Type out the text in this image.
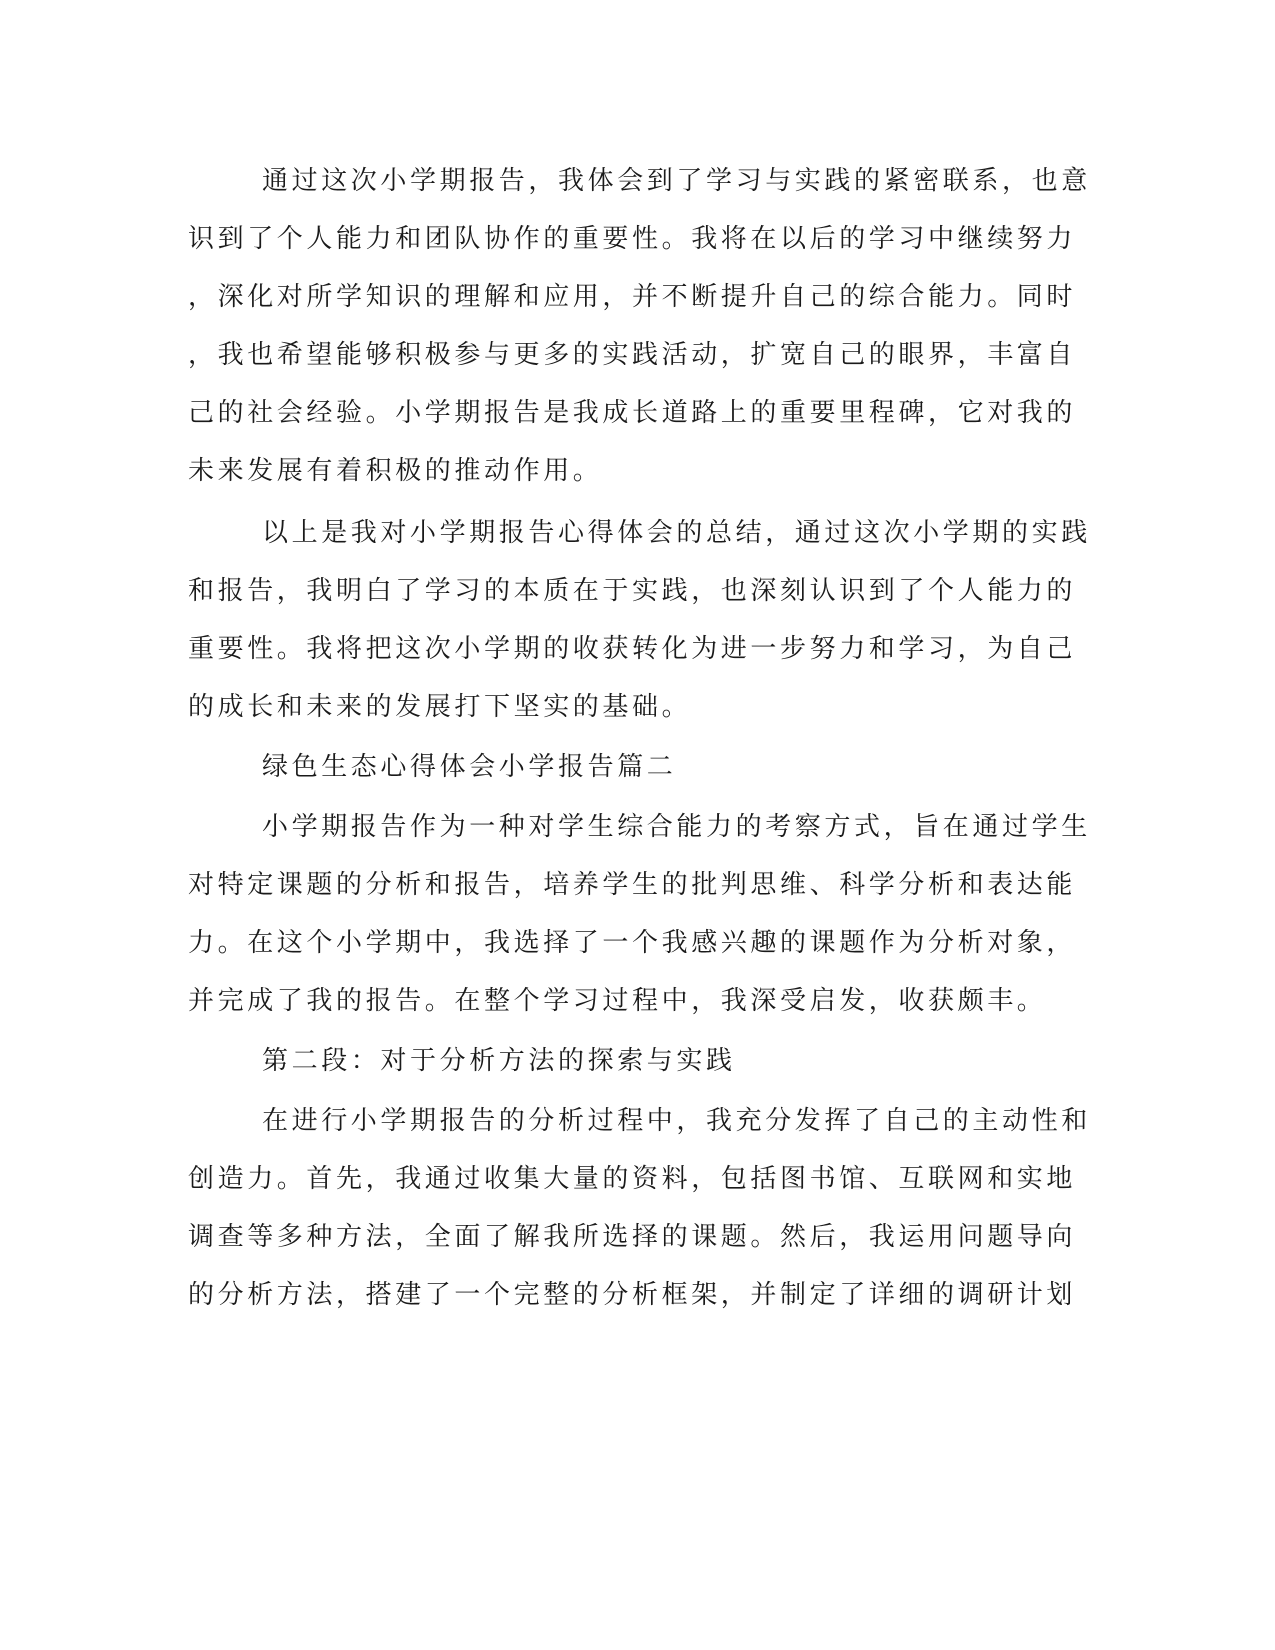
通过这次小学期报告，我体会到了学习与实践的紧密联系，也意
识到了个人能力和团队协作的重要性。我将在以后的学习中继续努力
，深化对所学知识的理解和应用，并不断提升自己的综合能力。同时
，我也希望能够积极参与更多的实践活动，扩宽自己的眼界，丰富自
己的社会经验。小学期报告是我成长道路上的重要里程碑，它对我的
未来发展有着积极的推动作用。
以上是我对小学期报告心得体会的总结，通过这次小学期的实践
和报告，我明白了学习的本质在于实践，也深刻认识到了个人能力的
重要性。我将把这次小学期的收获转化为进一步努力和学习，为自己
的成长和未来的发展打下坚实的基础。
绿色生态心得体会小学报告篇二
小学期报告作为一种对学生综合能力的考察方式，旨在通过学生
对特定课题的分析和报告，培养学生的批判思维、科学分析和表达能
力。在这个小学期中，我选择了一个我感兴趣的课题作为分析对象，
并完成了我的报告。在整个学习过程中，我深受启发，收获颇丰。
第二段：对于分析方法的探索与实践
在进行小学期报告的分析过程中，我充分发挥了自己的主动性和
创造力。首先，我通过收集大量的资料，包括图书馆、互联网和实地
调查等多种方法，全面了解我所选择的课题。然后，我运用问题导向
的分析方法，搭建了一个完整的分析框架，并制定了详细的调研计划
